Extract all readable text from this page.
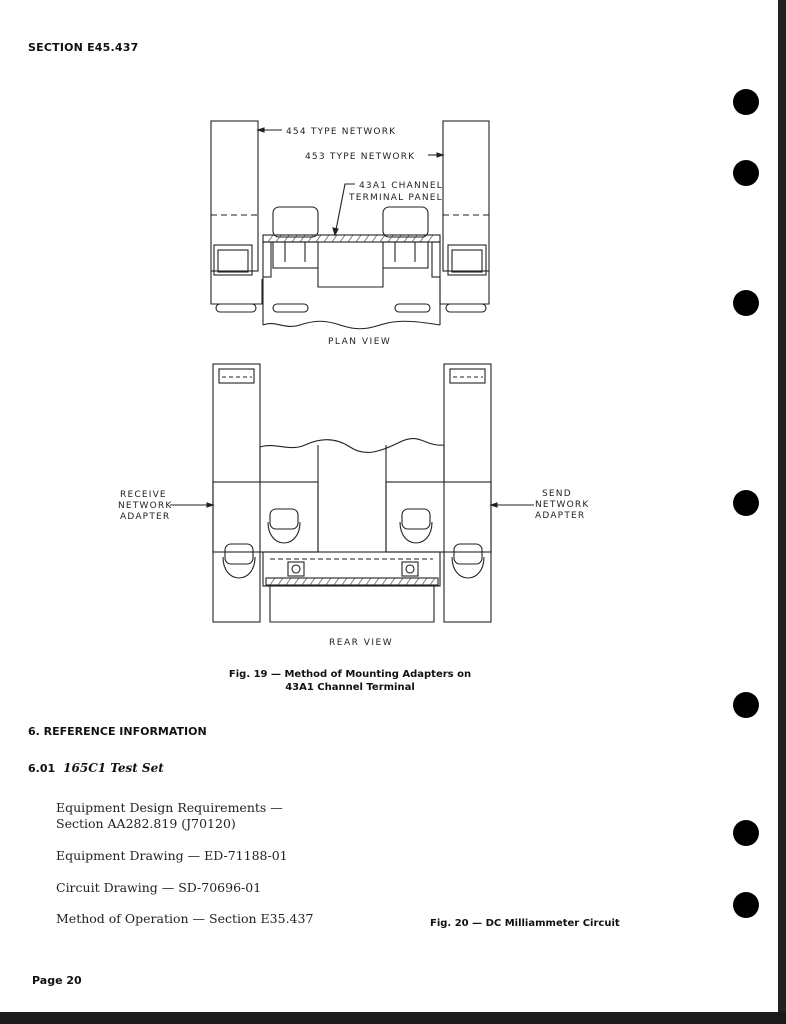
SECTION E45.437
454 TYPE NETWORK
453 TYPE NETWORK
43A1 CHANNEL
TERMINAL PANEL
PLAN VIEW
RECEIVE
NETWORK
ADAPTER
SEND
NETWORK
ADAPTER
REAR VIEW
Fig. 19 — Method of Mounting Adapters on
43A1 Channel Terminal
6. REFERENCE INFORMATION
6.01 165C1 Test Set
Equipment Design Requirements —
Section AA282.819 (J70120)
Equipment Drawing — ED-71188-01
Circuit Drawing — SD-70696-01
Method of Operation — Section E35.437	Fig. 20 — DC Milliammeter Circuit
Page 20
